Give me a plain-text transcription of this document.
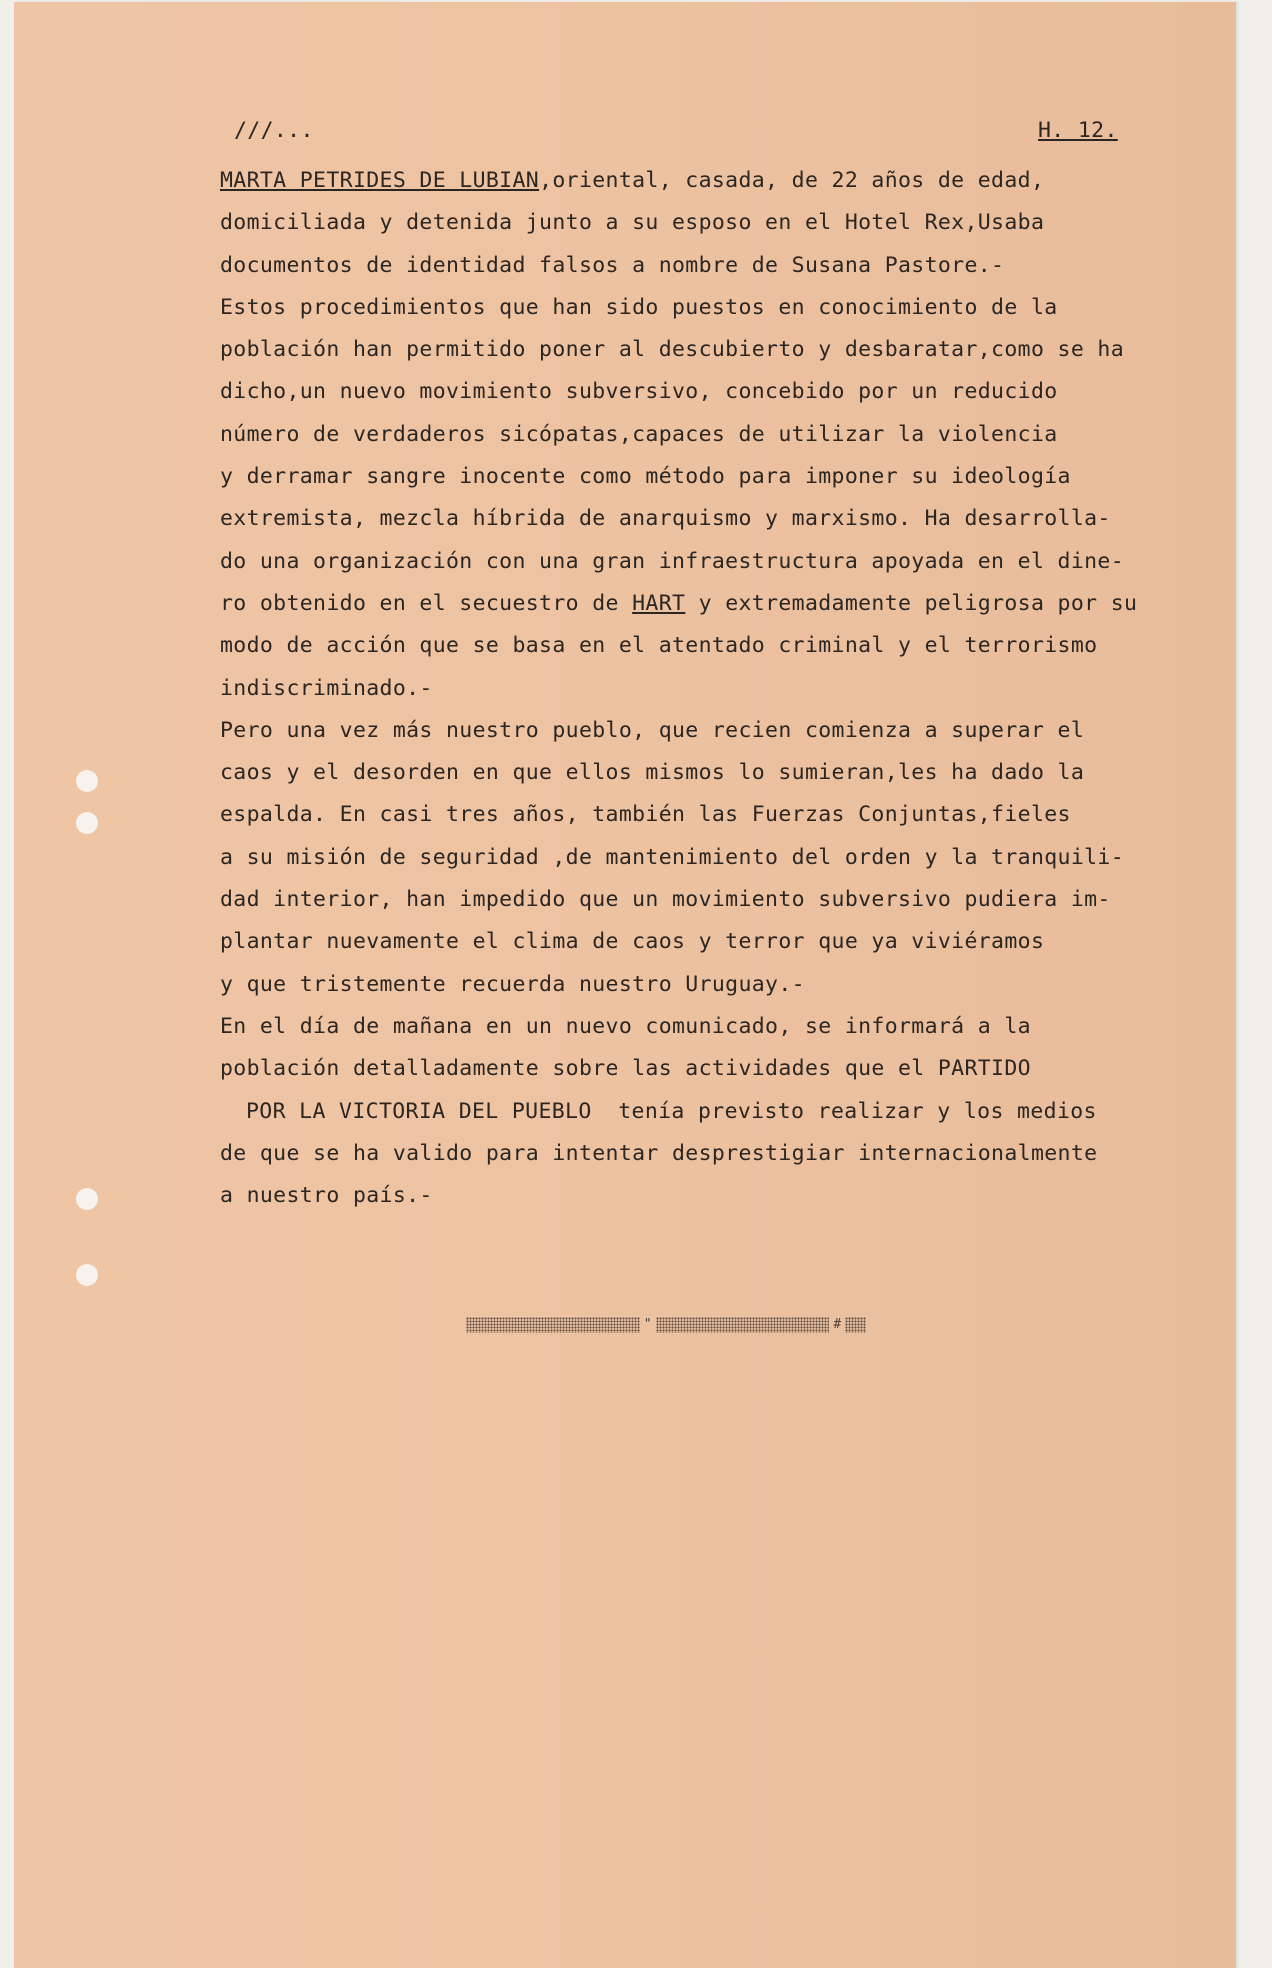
///...	H. 12.
MARTA PETRIDES DE LUBIAN,oriental, casada, de 22 años de edad,
domiciliada y detenida junto a su esposo en el Hotel Rex,Usaba
documentos de identidad falsos a nombre de Susana Pastore.-
Estos procedimientos que han sido puestos en conocimiento de la
población han permitido poner al descubierto y desbaratar,como se ha
dicho,un nuevo movimiento subversivo, concebido por un reducido
número de verdaderos sicópatas,capaces de utilizar la violencia
y derramar sangre inocente como método para imponer su ideología
extremista, mezcla híbrida de anarquismo y marxismo. Ha desarrolla-
do una organización con una gran infraestructura apoyada en el dine-
ro obtenido en el secuestro de HART y extremadamente peligrosa por su
modo de acción que se basa en el atentado criminal y el terrorismo
indiscriminado.-
Pero una vez más nuestro pueblo, que recien comienza a superar el
caos y el desorden en que ellos mismos lo sumieran,les ha dado la
espalda. En casi tres años, también las Fuerzas Conjuntas,fieles
a su misión de seguridad ,de mantenimiento del orden y la tranquili-
dad interior, han impedido que un movimiento subversivo pudiera im-
plantar nuevamente el clima de caos y terror que ya viviéramos
y que tristemente recuerda nuestro Uruguay.-
En el día de mañana en un nuevo comunicado, se informará a la
población detalladamente sobre las actividades que el PARTIDO
POR LA VICTORIA DEL PUEBLO  tenía previsto realizar y los medios
de que se ha valido para intentar desprestigiar internacionalmente
a nuestro país.-
"	#
